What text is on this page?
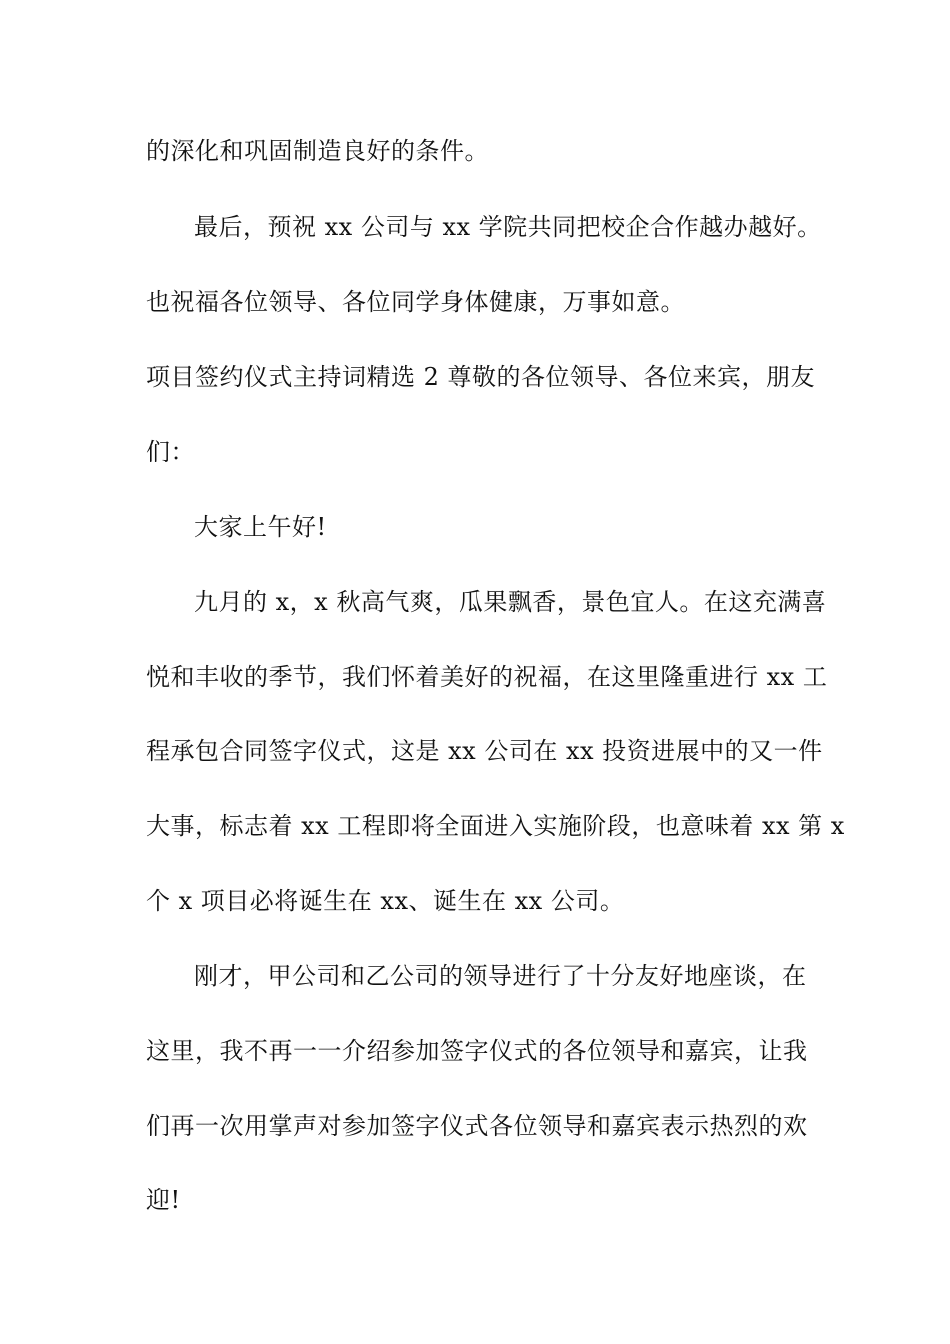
的深化和巩固制造良好的条件。

最后，预祝 xx 公司与 xx 学院共同把校企合作越办越好。

也祝福各位领导、各位同学身体健康，万事如意。

项目签约仪式主持词精选 2 尊敬的各位领导、各位来宾，朋友

们：

大家上午好!

九月的 x，x 秋高气爽，瓜果飘香，景色宜人。在这充满喜

悦和丰收的季节，我们怀着美好的祝福，在这里隆重进行 xx 工

程承包合同签字仪式，这是 xx 公司在 xx 投资进展中的又一件

大事，标志着 xx 工程即将全面进入实施阶段，也意味着 xx 第 x

个 x 项目必将诞生在 xx、诞生在 xx 公司。

刚才，甲公司和乙公司的领导进行了十分友好地座谈，在

这里，我不再一一介绍参加签字仪式的各位领导和嘉宾，让我

们再一次用掌声对参加签字仪式各位领导和嘉宾表示热烈的欢

迎!
